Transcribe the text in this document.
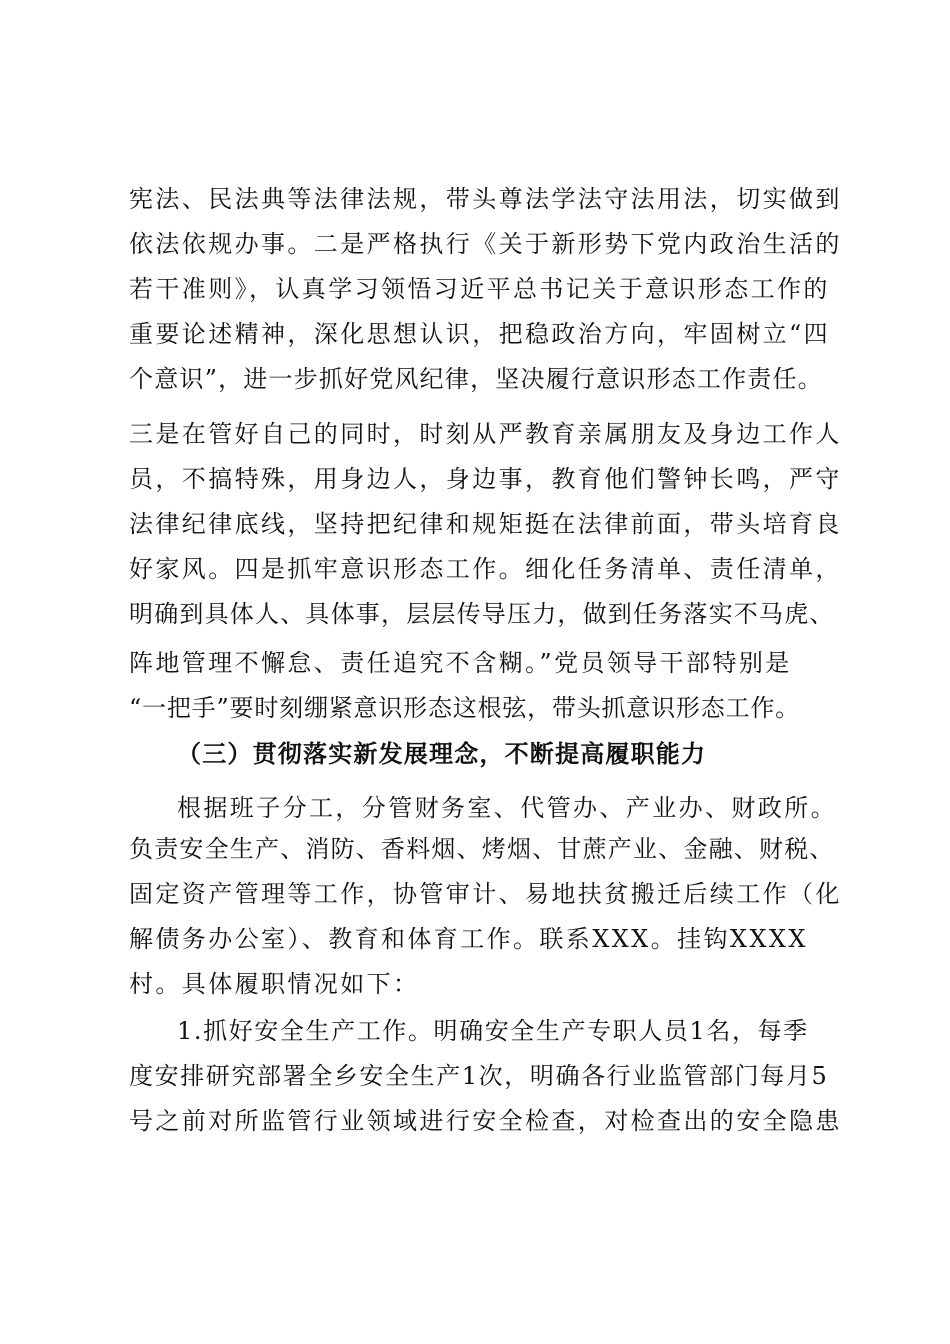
宪法、民法典等法律法规，带头尊法学法守法用法，切实做到
依法依规办事。二是严格执行《关于新形势下党内政治生活的
若干准则》，认真学习领悟习近平总书记关于意识形态工作的
重要论述精神，深化思想认识，把稳政治方向，牢固树立“四
个意识”，进一步抓好党风纪律，坚决履行意识形态工作责任。
三是在管好自己的同时，时刻从严教育亲属朋友及身边工作人
员，不搞特殊，用身边人，身边事，教育他们警钟长鸣，严守
法律纪律底线，坚持把纪律和规矩挺在法律前面，带头培育良
好家风。四是抓牢意识形态工作。细化任务清单、责任清单，
明确到具体人、具体事，层层传导压力，做到任务落实不马虎、
阵地管理不懈怠、责任追究不含糊。”党员领导干部特别是
“一把手”要时刻绷紧意识形态这根弦，带头抓意识形态工作。
（三）贯彻落实新发展理念，不断提高履职能力
根据班子分工，分管财务室、代管办、产业办、财政所。
负责安全生产、消防、香料烟、烤烟、甘蔗产业、金融、财税、
固定资产管理等工作，协管审计、易地扶贫搬迁后续工作（化
解债务办公室）、教育和体育工作。联系XXX。挂钩XXXX
村。具体履职情况如下：
1.抓好安全生产工作。明确安全生产专职人员1名，每季
度安排研究部署全乡安全生产1次，明确各行业监管部门每月5
号之前对所监管行业领域进行安全检查，对检查出的安全隐患
